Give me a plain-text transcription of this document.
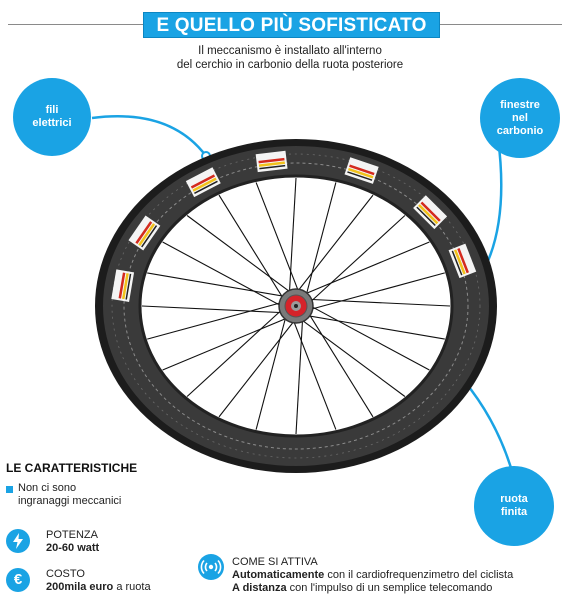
E QUELLO PIÙ SOFISTICATO
Il meccanismo è installato all'interno
del cerchio in carbonio della ruota posteriore
fili
elettrici
finestre
nel
carbonio
ruota
finita
LE CARATTERISTICHE
Non ci sono
ingranaggi meccanici
POTENZA
20-60 watt
€	COSTO
200mila euro a ruota
COME SI ATTIVA
Automaticamente con il cardiofrequenzimetro del ciclista
A distanza con l'impulso di un semplice telecomando
